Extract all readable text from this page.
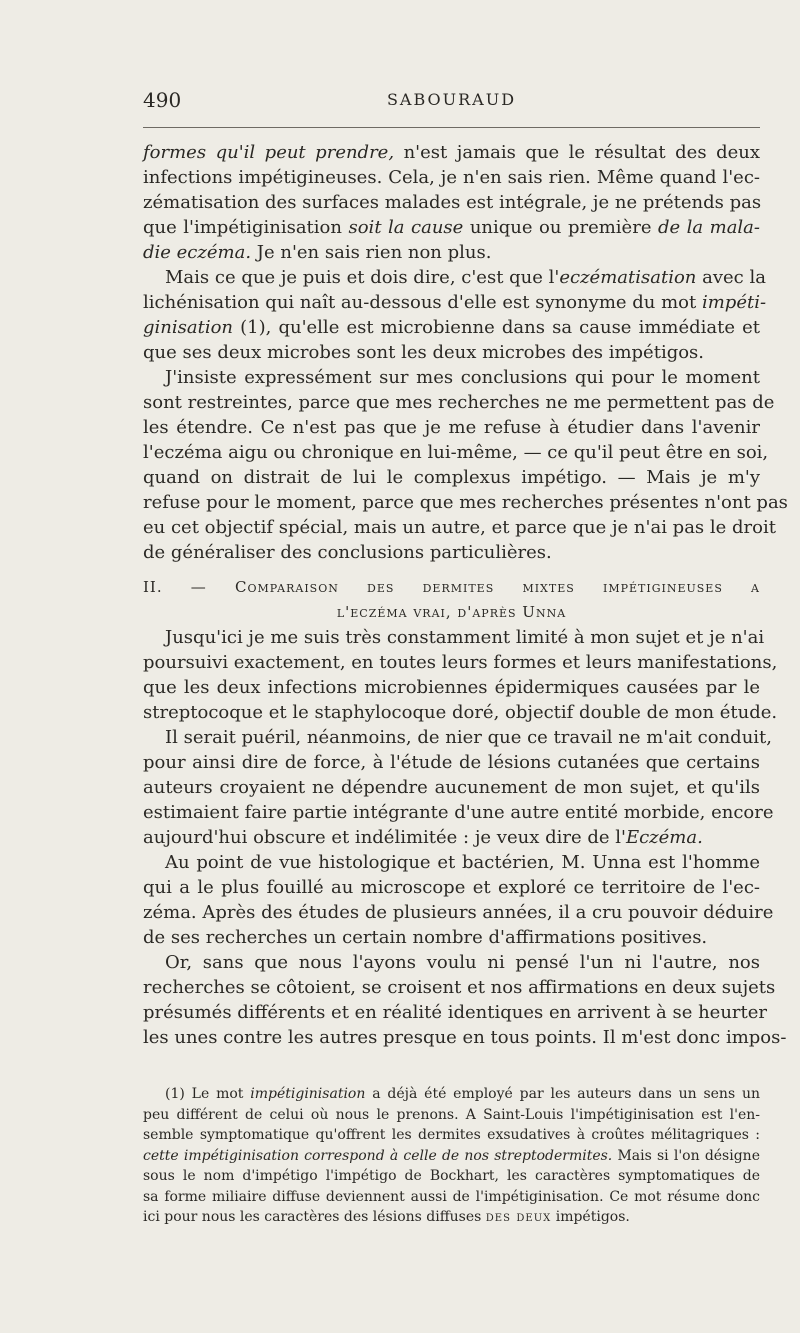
490	SABOURAUD
formes qu'il peut prendre, n'est jamais que le résultat des deux
infections impétigineuses. Cela, je n'en sais rien. Même quand l'ec-
zématisation des surfaces malades est intégrale, je ne prétends pas
que l'impétiginisation soit la cause unique ou première de la mala-
die eczéma. Je n'en sais rien non plus.
Mais ce que je puis et dois dire, c'est que l'eczématisation avec la
lichénisation qui naît au-dessous d'elle est synonyme du mot impéti-
ginisation (1), qu'elle est microbienne dans sa cause immédiate et
que ses deux microbes sont les deux microbes des impétigos.
J'insiste expressément sur mes conclusions qui pour le moment
sont restreintes, parce que mes recherches ne me permettent pas de
les étendre. Ce n'est pas que je me refuse à étudier dans l'avenir
l'eczéma aigu ou chronique en lui-même, — ce qu'il peut être en soi,
quand on distrait de lui le complexus impétigo. — Mais je m'y
refuse pour le moment, parce que mes recherches présentes n'ont pas
eu cet objectif spécial, mais un autre, et parce que je n'ai pas le droit
de généraliser des conclusions particulières.
II. — Comparaison des dermites mixtes impétigineuses a
l'eczéma vrai, d'après Unna
Jusqu'ici je me suis très constamment limité à mon sujet et je n'ai
poursuivi exactement, en toutes leurs formes et leurs manifestations,
que les deux infections microbiennes épidermiques causées par le
streptocoque et le staphylocoque doré, objectif double de mon étude.
Il serait puéril, néanmoins, de nier que ce travail ne m'ait conduit,
pour ainsi dire de force, à l'étude de lésions cutanées que certains
auteurs croyaient ne dépendre aucunement de mon sujet, et qu'ils
estimaient faire partie intégrante d'une autre entité morbide, encore
aujourd'hui obscure et indélimitée : je veux dire de l'Eczéma.
Au point de vue histologique et bactérien, M. Unna est l'homme
qui a le plus fouillé au microscope et exploré ce territoire de l'ec-
zéma. Après des études de plusieurs années, il a cru pouvoir déduire
de ses recherches un certain nombre d'affirmations positives.
Or, sans que nous l'ayons voulu ni pensé l'un ni l'autre, nos
recherches se côtoient, se croisent et nos affirmations en deux sujets
présumés différents et en réalité identiques en arrivent à se heurter
les unes contre les autres presque en tous points. Il m'est donc impos-
(1) Le mot impétiginisation a déjà été employé par les auteurs dans un sens un
peu différent de celui où nous le prenons. A Saint-Louis l'impétiginisation est l'en-
semble symptomatique qu'offrent les dermites exsudatives à croûtes mélitagriques :
cette impétiginisation correspond à celle de nos streptodermites. Mais si l'on désigne
sous le nom d'impétigo l'impétigo de Bockhart, les caractères symptomatiques de
sa forme miliaire diffuse deviennent aussi de l'impétiginisation. Ce mot résume donc
ici pour nous les caractères des lésions diffuses des deux impétigos.
